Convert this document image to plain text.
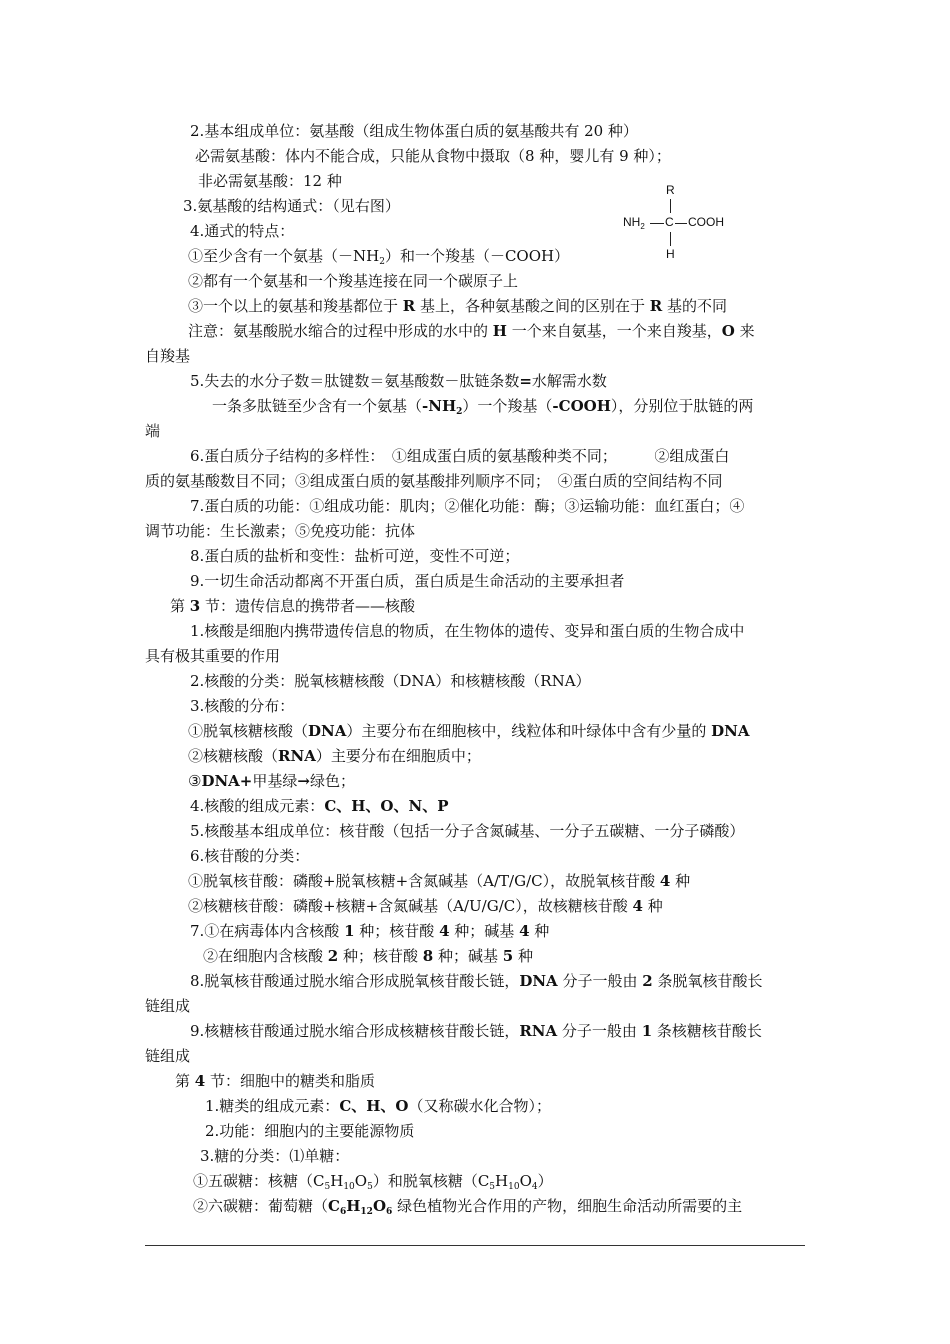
R
$NH_2$ C COOH
H
2.基本组成单位：氨基酸（组成生物体蛋白质的氨基酸共有 20 种）
必需氨基酸：体内不能合成，只能从食物中摄取（8 种，婴儿有 9 种）；
非必需氨基酸：12 种
3.氨基酸的结构通式：（见右图）
4.通式的特点：
①至少含有一个氨基$(-NH_2)$和一个羧基（－COOH）
②都有一个氨基和一个羧基连接在同一个碳原子上
③一个以上的氨基和羧基都位于 R 基上，各种氨基酸之间的区别在于 R 基的不同
注意：氨基酸脱水缩合的过程中形成的水中的 H 一个来自氨基，一个来自羧基，O 来
自羧基
5.失去的水分子数＝肽键数＝氨基酸数－肽链条数=水解需水数
一条多肽链至少含有一个氨基$(-NH_2)$一个羧基（-COOH），分别位于肽链的两
端
6.蛋白质分子结构的多样性：　①组成蛋白质的氨基酸种类不同；　　　②组成蛋白
质的氨基酸数目不同；③组成蛋白质的氨基酸排列顺序不同；　④蛋白质的空间结构不同
7.蛋白质的功能：①组成功能：肌肉；②催化功能：酶；③运输功能：血红蛋白；④
调节功能：生长激素；⑤免疫功能：抗体
8.蛋白质的盐析和变性：盐析可逆，变性不可逆；
9.一切生命活动都离不开蛋白质，蛋白质是生命活动的主要承担者
第 3 节：遗传信息的携带者——核酸
1.核酸是细胞内携带遗传信息的物质，在生物体的遗传、变异和蛋白质的生物合成中
具有极其重要的作用
2.核酸的分类：脱氧核糖核酸（DNA）和核糖核酸（RNA）
3.核酸的分布：
①脱氧核糖核酸（DNA）主要分布在细胞核中，线粒体和叶绿体中含有少量的 DNA
②核糖核酸（RNA）主要分布在细胞质中；
③DNA+甲基绿→绿色；
4.核酸的组成元素：C、H、O、N、P
5.核酸基本组成单位：核苷酸（包括一分子含氮碱基、一分子五碳糖、一分子磷酸）
6.核苷酸的分类：
①脱氧核苷酸：磷酸+脱氧核糖+含氮碱基（A/T/G/C），故脱氧核苷酸 4 种
②核糖核苷酸：磷酸+核糖+含氮碱基（A/U/G/C），故核糖核苷酸 4 种
7.①在病毒体内含核酸 1 种；核苷酸 4 种；碱基 4 种
②在细胞内含核酸 2 种；核苷酸 8 种；碱基 5 种
8.脱氧核苷酸通过脱水缩合形成脱氧核苷酸长链，DNA 分子一般由 2 条脱氧核苷酸长
链组成
9.核糖核苷酸通过脱水缩合形成核糖核苷酸长链，RNA 分子一般由 1 条核糖核苷酸长
链组成
第 4 节：细胞中的糖类和脂质
1.糖类的组成元素：C、H、O（又称碳水化合物）；
2.功能：细胞内的主要能源物质
3.糖的分类：⑴单糖：
①五碳糖：核糖$(C_5H_{10}O_5)$和脱氧核糖$(C_5H_{10}O_4)$
②六碳糖：葡萄糖（$C_6H_{12}O_6$ 绿色植物光合作用的产物，细胞生命活动所需要的主
